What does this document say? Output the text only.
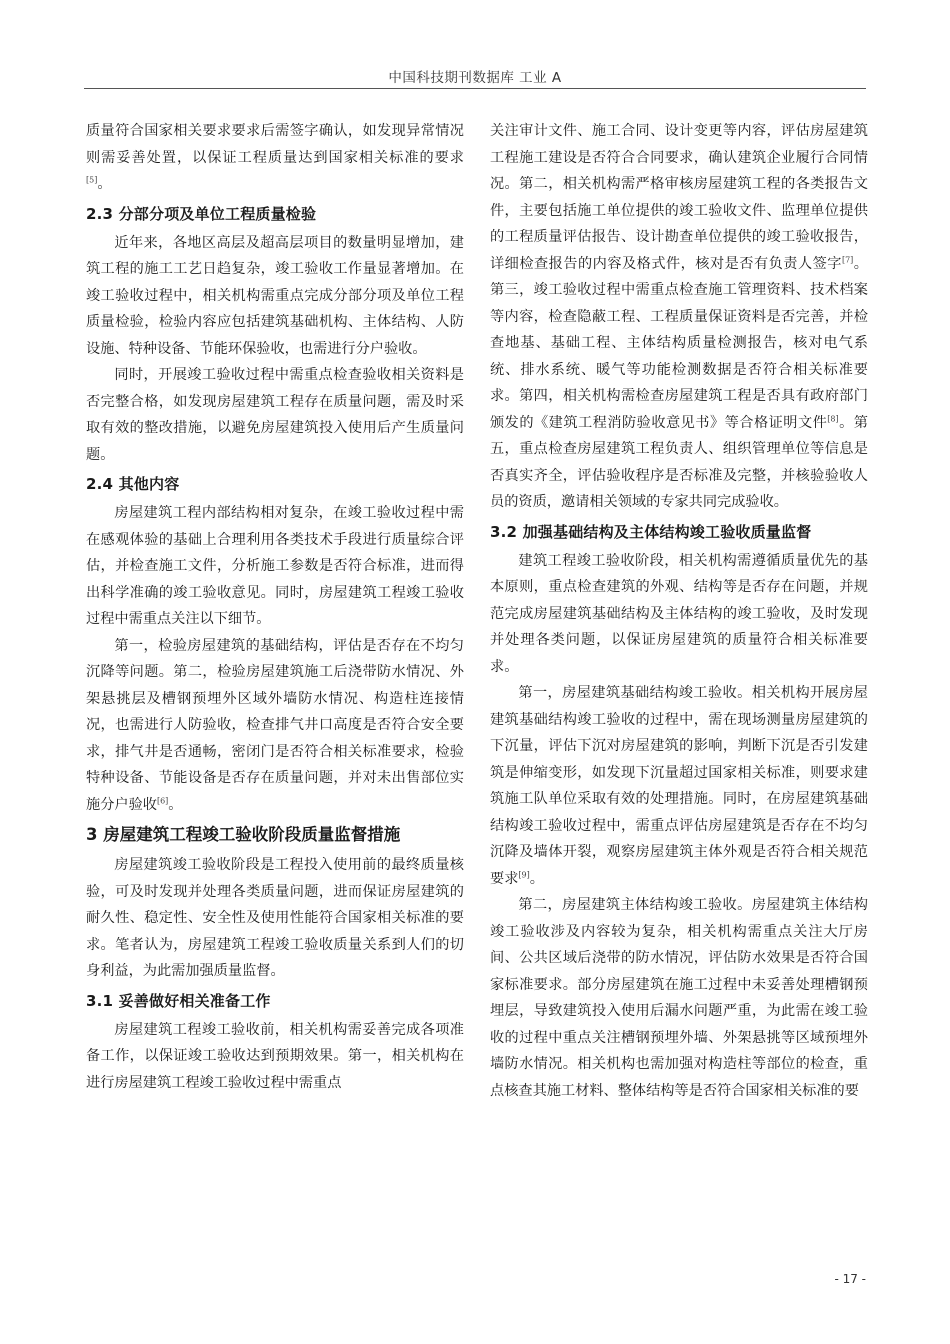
中国科技期刊数据库 工业 A

质量符合国家相关要求要求后需签字确认，如发现异常情况则需妥善处置，以保证工程质量达到国家相关标准的要求[5]。

2.3 分部分项及单位工程质量检验

近年来，各地区高层及超高层项目的数量明显增加，建筑工程的施工工艺日趋复杂，竣工验收工作量显著增加。在竣工验收过程中，相关机构需重点完成分部分项及单位工程质量检验，检验内容应包括建筑基础机构、主体结构、人防设施、特种设备、节能环保验收，也需进行分户验收。

同时，开展竣工验收过程中需重点检查验收相关资料是否完整合格，如发现房屋建筑工程存在质量问题，需及时采取有效的整改措施，以避免房屋建筑投入使用后产生质量问题。

2.4 其他内容

房屋建筑工程内部结构相对复杂，在竣工验收过程中需在感观体验的基础上合理利用各类技术手段进行质量综合评估，并检查施工文件，分析施工参数是否符合标准，进而得出科学准确的竣工验收意见。同时，房屋建筑工程竣工验收过程中需重点关注以下细节。

第一，检验房屋建筑的基础结构，评估是否存在不均匀沉降等问题。第二，检验房屋建筑施工后浇带防水情况、外架悬挑层及槽钢预埋外区域外墙防水情况、构造柱连接情况，也需进行人防验收，检查排气井口高度是否符合安全要求，排气井是否通畅，密闭门是否符合相关标准要求，检验特种设备、节能设备是否存在质量问题，并对未出售部位实施分户验收[6]。

3 房屋建筑工程竣工验收阶段质量监督措施

房屋建筑竣工验收阶段是工程投入使用前的最终质量核验，可及时发现并处理各类质量问题，进而保证房屋建筑的耐久性、稳定性、安全性及使用性能符合国家相关标准的要求。笔者认为，房屋建筑工程竣工验收质量关系到人们的切身利益，为此需加强质量监督。

3.1 妥善做好相关准备工作

房屋建筑工程竣工验收前，相关机构需妥善完成各项准备工作，以保证竣工验收达到预期效果。第一，相关机构在进行房屋建筑工程竣工验收过程中需重点

关注审计文件、施工合同、设计变更等内容，评估房屋建筑工程施工建设是否符合合同要求，确认建筑企业履行合同情况。第二，相关机构需严格审核房屋建筑工程的各类报告文件，主要包括施工单位提供的竣工验收文件、监理单位提供的工程质量评估报告、设计勘查单位提供的竣工验收报告，详细检查报告的内容及格式件，核对是否有负责人签字[7]。第三，竣工验收过程中需重点检查施工管理资料、技术档案等内容，检查隐蔽工程、工程质量保证资料是否完善，并检查地基、基础工程、主体结构质量检测报告，核对电气系统、排水系统、暖气等功能检测数据是否符合相关标准要求。第四，相关机构需检查房屋建筑工程是否具有政府部门颁发的《建筑工程消防验收意见书》等合格证明文件[8]。第五，重点检查房屋建筑工程负责人、组织管理单位等信息是否真实齐全，评估验收程序是否标准及完整，并核验验收人员的资质，邀请相关领域的专家共同完成验收。

3.2 加强基础结构及主体结构竣工验收质量监督

建筑工程竣工验收阶段，相关机构需遵循质量优先的基本原则，重点检查建筑的外观、结构等是否存在问题，并规范完成房屋建筑基础结构及主体结构的竣工验收，及时发现并处理各类问题，以保证房屋建筑的质量符合相关标准要求。

第一，房屋建筑基础结构竣工验收。相关机构开展房屋建筑基础结构竣工验收的过程中，需在现场测量房屋建筑的下沉量，评估下沉对房屋建筑的影响，判断下沉是否引发建筑是伸缩变形，如发现下沉量超过国家相关标准，则要求建筑施工队单位采取有效的处理措施。同时，在房屋建筑基础结构竣工验收过程中，需重点评估房屋建筑是否存在不均匀沉降及墙体开裂，观察房屋建筑主体外观是否符合相关规范要求[9]。

第二，房屋建筑主体结构竣工验收。房屋建筑主体结构竣工验收涉及内容较为复杂，相关机构需重点关注大厅房间、公共区域后浇带的防水情况，评估防水效果是否符合国家标准要求。部分房屋建筑在施工过程中未妥善处理槽钢预埋层，导致建筑投入使用后漏水问题严重，为此需在竣工验收的过程中重点关注槽钢预埋外墙、外架悬挑等区域预埋外墙防水情况。相关机构也需加强对构造柱等部位的检查，重点核查其施工材料、整体结构等是否符合国家相关标准的要

- 17 -
